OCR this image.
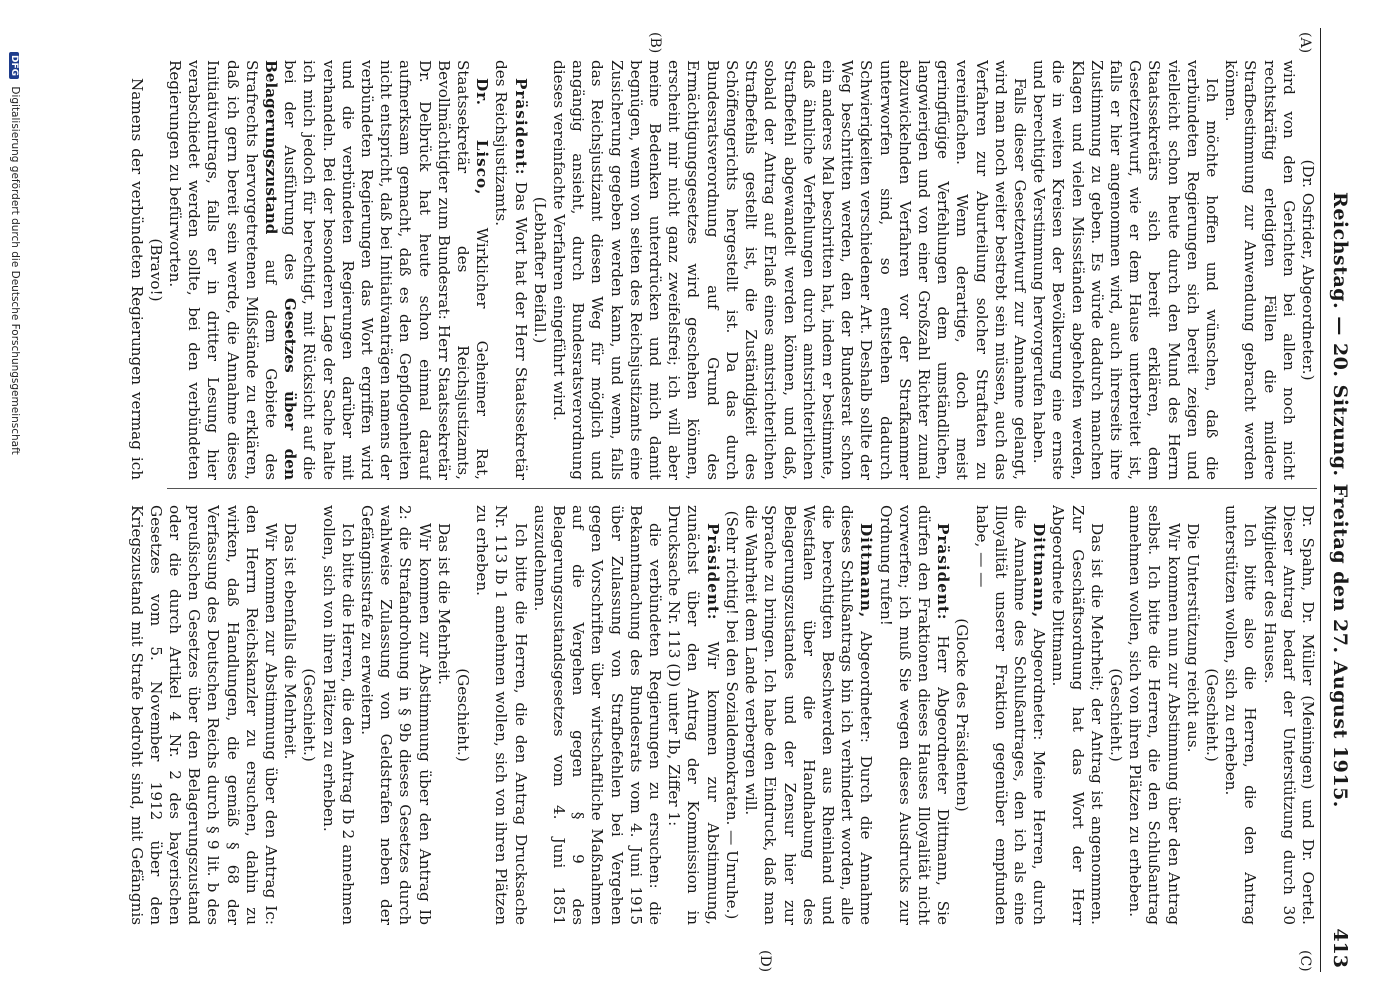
Reichstag. — 20. Sitzung. Freitag den 27. August 1915.
413
(A)
(B)
(C)
(D)

(Dr. Osfrider, Abgeordneter.)

wird von den Gerichten bei allen noch nicht rechtskräftig erledigten Fällen die mildere Strafbestimmung zur Anwendung gebracht werden können.

Ich möchte hoffen und wünschen, daß die verbündeten Regierungen sich bereit zeigen und vielleicht schon heute durch den Mund des Herrn Staatssekretärs sich bereit erklären, dem Gesetzentwurf, wie er dem Hause unterbreitet ist, falls er hier angenommen wird, auch ihrerseits ihre Zustimmung zu geben. Es würde dadurch manchen Klagen und vielen Missständen abgeholfen werden, die in weiten Kreisen der Bevölkerung eine ernste und berechtigte Verstimmung hervorgerufen haben.

Falls dieser Gesetzentwurf zur Annahme gelangt, wird man noch weiter bestrebt sein müssen, auch das Verfahren zur Aburteilung solcher Straftaten zu vereinfachen. Wenn derartige, doch meist geringfügige Verfehlungen dem umständlichen, langwierigen und von einer Großzahl Richter zumal abzuwickelnden Verfahren vor der Strafkammer unterworfen sind, so entstehen dadurch Schwierigkeiten verschiedener Art. Deshalb sollte der Weg beschritten werden, den der Bundesrat schon ein anderes Mal beschritten hat, indem er bestimmte, daß ähnliche Verfehlungen durch amtsrichterlichen Strafbefehl abgewandelt werden können, und daß, sobald der Antrag auf Erlaß eines amtsrichterlichen Strafbefehls gestellt ist, die Zuständigkeit des Schöffengerichts hergestellt ist. Da das durch Bundesratsverordnung auf Grund des Ermächtigungsgesetzes wird geschehen können, erscheint mir nicht ganz zweifelsfrei; ich will aber meine Bedenken unterdrücken und mich damit begnügen, wenn von seiten des Reichsjustizamts eine Zusicherung gegeben werden kann, und wenn, falls das Reichsjustizamt diesen Weg für möglich und angängig ansieht, durch Bundesratsverordnung dieses vereinfachte Verfahren eingeführt wird.

(Lebhafter Beifall.)

Präsident: Das Wort hat der Herr Staatssekretär des Reichsjustizamts.

Dr. Lisco, Wirklicher Geheimer Rat, Staatssekretär des Reichsjustizamts, Bevollmächtigter zum Bundesrat: Herr Staatssekretär Dr. Delbrück hat heute schon einmal darauf aufmerksam gemacht, daß es den Gepflogenheiten nicht entspricht, daß bei Initiativanträgen namens der verbündeten Regierungen das Wort ergriffen wird und die verbündeten Regierungen darüber mit verhandeln. Bei der besonderen Lage der Sache halte ich mich jedoch für berechtigt, mit Rücksicht auf die bei der Ausführung des Gesetzes über den Belagerungszustand auf dem Gebiete des Strafrechts hervorgetretenen Mißstände zu erklären, daß ich gern bereit sein werde, die Annahme dieses Initiativantrags, falls er in dritter Lesung hier verabschiedet werden sollte, bei den verbündeten Regierungen zu befürworten.

(Bravo!)

Namens der verbündeten Regierungen vermag ich

Dr. Spahn, Dr. Müller (Meiningen) und Dr. Oertel. Dieser Antrag bedarf der Unterstützung durch 30 Mitglieder des Hauses.

Ich bitte also die Herren, die den Antrag unterstützen wollen, sich zu erheben.

(Geschieht.)

Die Unterstützung reicht aus.

Wir kommen nun zur Abstimmung über den Antrag selbst. Ich bitte die Herren, die den Schlußantrag annehmen wollen, sich von ihren Plätzen zu erheben.

(Geschieht.)

Das ist die Mehrheit; der Antrag ist angenommen. Zur Geschäftsordnung hat das Wort der Herr Abgeordnete Dittmann.

Dittmann, Abgeordneter: Meine Herren, durch die Annahme des Schlußantrages, den ich als eine Illoyalität unserer Fraktion gegenüber empfunden habe, — —

(Glocke des Präsidenten)

Präsident: Herr Abgeordneter Dittmann, Sie dürfen den Fraktionen dieses Hauses Illoyalität nicht vorwerfen; ich muß Sie wegen dieses Ausdrucks zur Ordnung rufen!

Dittmann, Abgeordneter: Durch die Annahme dieses Schlußantrags bin ich verhindert worden, alle die berechtigten Beschwerden aus Rheinland und Westfalen über die Handhabung des Belagerungszustandes und der Zensur hier zur Sprache zu bringen. Ich habe den Eindruck, daß man die Wahrheit dem Lande verbergen will.

(Sehr richtig! bei den Sozialdemokraten. — Unruhe.)

Präsident: Wir kommen zur Abstimmung, zunächst über den Antrag der Kommission in Drucksache Nr. 113 (D) unter Ib, Ziffer 1:

die verbündeten Regierungen zu ersuchen: die Bekanntmachung des Bundesrats vom 4. Juni 1915 über Zulassung von Strafbefehlen bei Vergehen gegen Vorschriften über wirtschaftliche Maßnahmen auf die Vergehen gegen § 9 des Belagerungszustandsgesetzes vom 4. Juni 1851 auszudehnen.

Ich bitte die Herren, die den Antrag Drucksache Nr. 113 Ib 1 annehmen wollen, sich von ihren Plätzen zu erheben.

(Geschieht.)

Das ist die Mehrheit.

Wir kommen zur Abstimmung über den Antrag Ib 2: die Strafandrohung in § 9b dieses Gesetzes durch wahlweise Zulassung von Geldstrafen neben der Gefängnisstrafe zu erweitern.

Ich bitte die Herren, die den Antrag Ib 2 annehmen wollen, sich von ihren Plätzen zu erheben.

(Geschieht.)

Das ist ebenfalls die Mehrheit.

Wir kommen zur Abstimmung über den Antrag Ic: den Herrn Reichskanzler zu ersuchen, dahin zu wirken, daß Handlungen, die gemäß § 68 der Verfassung des Deutschen Reichs durch § 9 lit. b des preußischen Gesetzes über den Belagerungszustand oder die durch Artikel 4 Nr. 2 des bayerischen Gesetzes vom 5. November 1912 über den Kriegszustand mit Strafe bedroht sind, mit Gefängnis

DFG Digitalisierung gefördert durch die Deutsche Forschungsgemeinschaft
